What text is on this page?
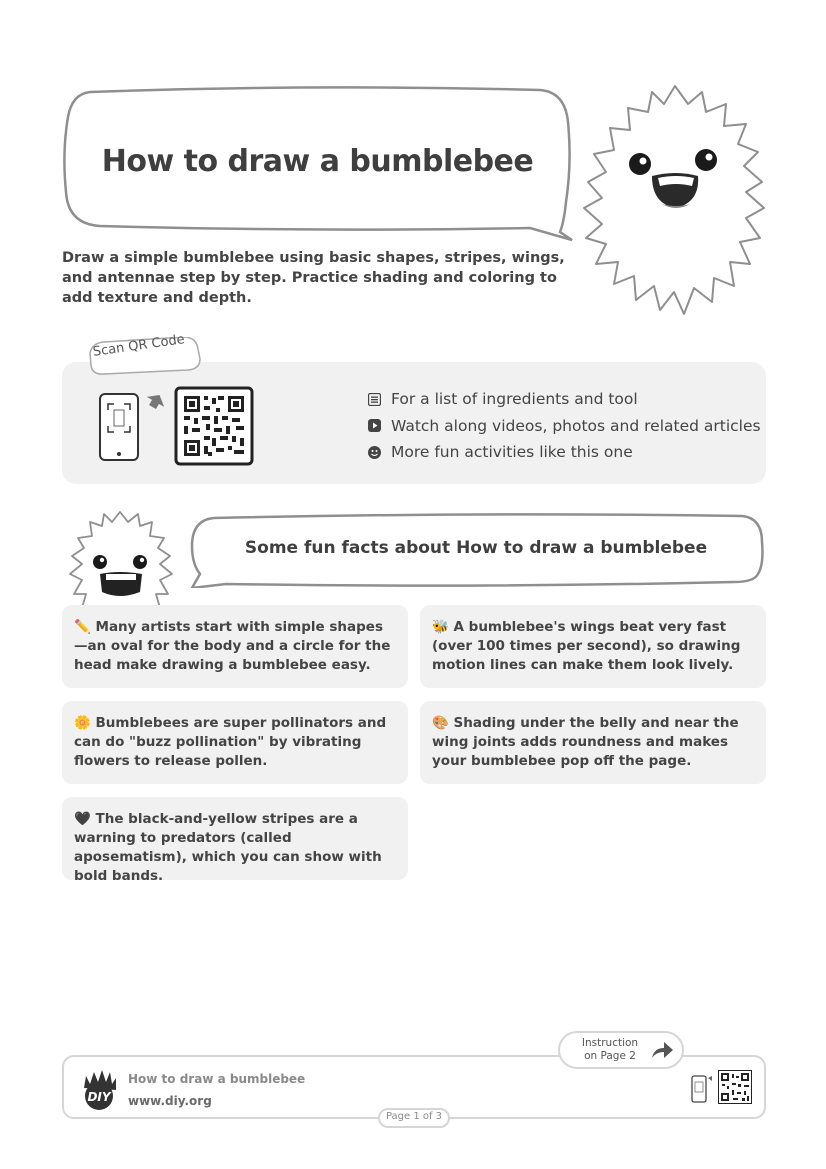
How to draw a bumblebee
Draw a simple bumblebee using basic shapes, stripes, wings, and antennae step by step. Practice shading and coloring to add texture and depth.
Scan QR Code
For a list of ingredients and tool
Watch along videos, photos and related articles
More fun activities like this one
Some fun facts about How to draw a bumblebee
✏️ Many artists start with simple shapes—an oval for the body and a circle for the head make drawing a bumblebee easy.
🐝 A bumblebee's wings beat very fast (over 100 times per second), so drawing motion lines can make them look lively.
🌼 Bumblebees are super pollinators and can do "buzz pollination" by vibrating flowers to release pollen.
🎨 Shading under the belly and near the wing joints adds roundness and makes your bumblebee pop off the page.
🖤 The black-and-yellow stripes are a warning to predators (called aposematism), which you can show with bold bands.
DIY
How to draw a bumblebee
www.diy.org
Instruction
on Page 2
Page 1 of 3
